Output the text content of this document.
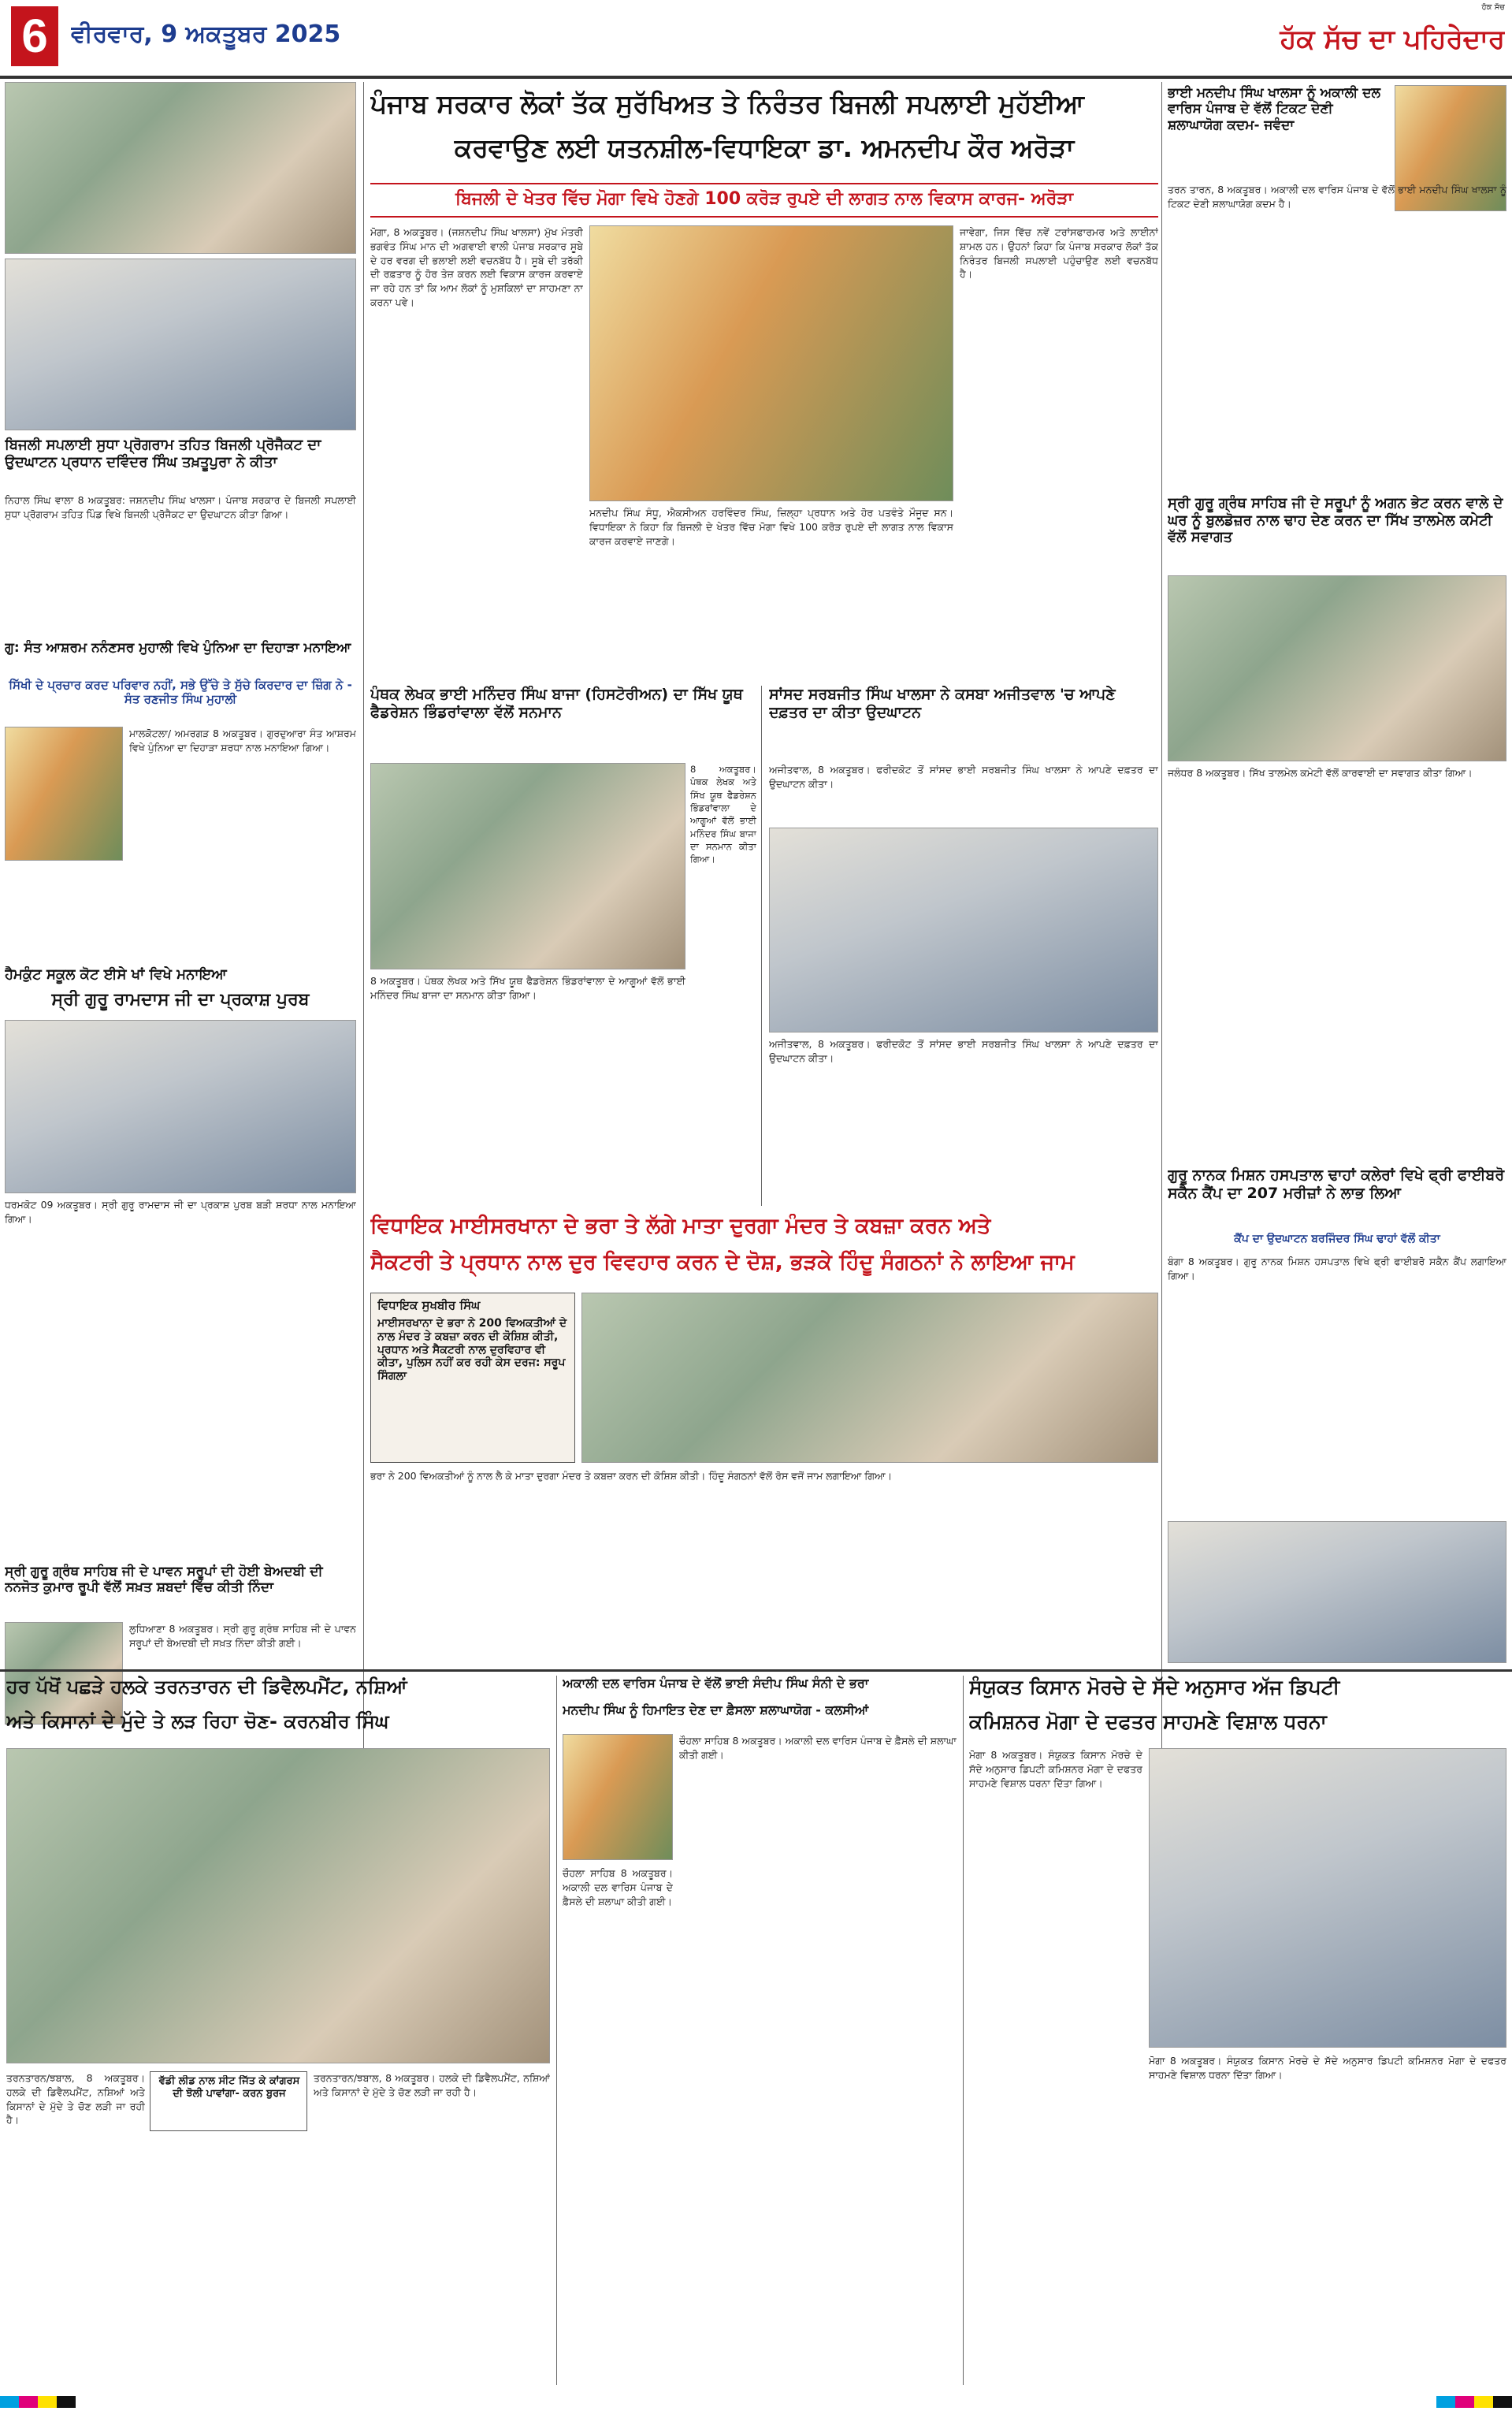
6 ਵੀਰਵਾਰ, 9 ਅਕਤੂਬਰ 2025
ਹੱਕ ਸੱਚ
ਹੱਕ ਸੱਚ ਦਾ ਪਹਿਰੇਦਾਰ
ਬਿਜਲੀ ਸਪਲਾਈ ਸੁਧਾ ਪ੍ਰੋਗਰਾਮ ਤਹਿਤ ਬਿਜਲੀ ਪ੍ਰੋਜੈਕਟ ਦਾ ਉਦਘਾਟਨ ਪ੍ਰਧਾਨ ਦਵਿੰਦਰ ਸਿੰਘ ਤਖ਼ਤੂਪੁਰਾ ਨੇ ਕੀਤਾ
ਨਿਹਾਲ ਸਿੰਘ ਵਾਲਾ 8 ਅਕਤੂਬਰ: ਜਸ਼ਨਦੀਪ ਸਿੰਘ ਖਾਲਸਾ। ਪੰਜਾਬ ਸਰਕਾਰ ਦੇ ਬਿਜਲੀ ਸਪਲਾਈ ਸੁਧਾ ਪ੍ਰੋਗਰਾਮ ਤਹਿਤ ਪਿੰਡ ਵਿਖੇ ਬਿਜਲੀ ਪ੍ਰੋਜੈਕਟ ਦਾ ਉਦਘਾਟਨ ਕੀਤਾ ਗਿਆ।
ਗੁ: ਸੰਤ ਆਸ਼ਰਮ ਨਨੰਣਸਰ ਮੁਹਾਲੀ ਵਿਖੇ ਪੁੰਨਿਆ ਦਾ ਦਿਹਾੜਾ ਮਨਾਇਆ
ਸਿੱਖੀ ਦੇ ਪ੍ਰਚਾਰ ਕਰਦ ਪਰਿਵਾਰ ਨਹੀਂ, ਸਭੇ ਉੱਚੇ ਤੇ ਸੁੱਚੇ ਕਿਰਦਾਰ ਦਾ ਜ਼ਿੰਗ ਨੇ - ਸੰਤ ਰਣਜੀਤ ਸਿੰਘ ਮੁਹਾਲੀ
ਮਾਲਕੋਟਲਾ/ ਅਮਰਗੜ 8 ਅਕਤੂਬਰ। ਗੁਰਦੁਆਰਾ ਸੰਤ ਆਸ਼ਰਮ ਵਿਖੇ ਪੁੰਨਿਆ ਦਾ ਦਿਹਾੜਾ ਸ਼ਰਧਾ ਨਾਲ ਮਨਾਇਆ ਗਿਆ।
ਹੈਮਕੁੰਟ ਸਕੂਲ ਕੋਟ ਈਸੇ ਖਾਂ ਵਿਖੇ ਮਨਾਇਆ
ਸ੍ਰੀ ਗੁਰੂ ਰਾਮਦਾਸ ਜੀ ਦਾ ਪ੍ਰਕਾਸ਼ ਪੁਰਬ
ਧਰਮਕੋਟ 09 ਅਕਤੂਬਰ। ਸ੍ਰੀ ਗੁਰੂ ਰਾਮਦਾਸ ਜੀ ਦਾ ਪ੍ਰਕਾਸ਼ ਪੁਰਬ ਬੜੀ ਸ਼ਰਧਾ ਨਾਲ ਮਨਾਇਆ ਗਿਆ।
ਸ੍ਰੀ ਗੁਰੂ ਗ੍ਰੰਥ ਸਾਹਿਬ ਜੀ ਦੇ ਪਾਵਨ ਸਰੂਪਾਂ ਦੀ ਹੋਈ ਬੇਅਦਬੀ ਦੀ ਨਨਜੋਤ ਕੁਮਾਰ ਰੂਪੀ ਵੱਲੋਂ ਸਖ਼ਤ ਸ਼ਬਦਾਂ ਵਿੱਚ ਕੀਤੀ ਨਿੰਦਾ
ਲੁਧਿਆਣਾ 8 ਅਕਤੂਬਰ। ਸ੍ਰੀ ਗੁਰੂ ਗ੍ਰੰਥ ਸਾਹਿਬ ਜੀ ਦੇ ਪਾਵਨ ਸਰੂਪਾਂ ਦੀ ਬੇਅਦਬੀ ਦੀ ਸਖ਼ਤ ਨਿੰਦਾ ਕੀਤੀ ਗਈ।
ਪੰਜਾਬ ਸਰਕਾਰ ਲੋਕਾਂ ਤੱਕ ਸੁਰੱਖਿਅਤ ਤੇ ਨਿਰੰਤਰ ਬਿਜਲੀ ਸਪਲਾਈ ਮੁਹੱਈਆ
ਕਰਵਾਉਣ ਲਈ ਯਤਨਸ਼ੀਲ-ਵਿਧਾਇਕਾ ਡਾ. ਅਮਨਦੀਪ ਕੌਰ ਅਰੋੜਾ
ਬਿਜਲੀ ਦੇ ਖੇਤਰ ਵਿੱਚ ਮੋਗਾ ਵਿਖੇ ਹੋਣਗੇ 100 ਕਰੋੜ ਰੁਪਏ ਦੀ ਲਾਗਤ ਨਾਲ ਵਿਕਾਸ ਕਾਰਜ- ਅਰੋੜਾ
ਮੋਗਾ, 8 ਅਕਤੂਬਰ। (ਜਸ਼ਨਦੀਪ ਸਿੰਘ ਖਾਲਸਾ) ਮੁੱਖ ਮੰਤਰੀ ਭਗਵੰਤ ਸਿੰਘ ਮਾਨ ਦੀ ਅਗਵਾਈ ਵਾਲੀ ਪੰਜਾਬ ਸਰਕਾਰ ਸੂਬੇ ਦੇ ਹਰ ਵਰਗ ਦੀ ਭਲਾਈ ਲਈ ਵਚਨਬੱਧ ਹੈ। ਸੂਬੇ ਦੀ ਤਰੱਕੀ ਦੀ ਰਫ਼ਤਾਰ ਨੂੰ ਹੋਰ ਤੇਜ਼ ਕਰਨ ਲਈ ਵਿਕਾਸ ਕਾਰਜ ਕਰਵਾਏ ਜਾ ਰਹੇ ਹਨ ਤਾਂ ਕਿ ਆਮ ਲੋਕਾਂ ਨੂੰ ਮੁਸ਼ਕਿਲਾਂ ਦਾ ਸਾਹਮਣਾ ਨਾ ਕਰਨਾ ਪਵੇ।
ਮਨਦੀਪ ਸਿੰਘ ਸੰਧੂ, ਐਕਸੀਅਨ ਹਰਵਿੰਦਰ ਸਿੰਘ, ਜ਼ਿਲ੍ਹਾ ਪ੍ਰਧਾਨ ਅਤੇ ਹੋਰ ਪਤਵੰਤੇ ਮੌਜੂਦ ਸਨ। ਵਿਧਾਇਕਾ ਨੇ ਕਿਹਾ ਕਿ ਬਿਜਲੀ ਦੇ ਖੇਤਰ ਵਿੱਚ ਮੋਗਾ ਵਿਖੇ 100 ਕਰੋੜ ਰੁਪਏ ਦੀ ਲਾਗਤ ਨਾਲ ਵਿਕਾਸ ਕਾਰਜ ਕਰਵਾਏ ਜਾਣਗੇ।
ਜਾਵੇਗਾ, ਜਿਸ ਵਿੱਚ ਨਵੇਂ ਟਰਾਂਸਫਾਰਮਰ ਅਤੇ ਲਾਈਨਾਂ ਸ਼ਾਮਲ ਹਨ। ਉਹਨਾਂ ਕਿਹਾ ਕਿ ਪੰਜਾਬ ਸਰਕਾਰ ਲੋਕਾਂ ਤੱਕ ਨਿਰੰਤਰ ਬਿਜਲੀ ਸਪਲਾਈ ਪਹੁੰਚਾਉਣ ਲਈ ਵਚਨਬੱਧ ਹੈ।
ਪੰਥਕ ਲੇਖਕ ਭਾਈ ਮਨਿੰਦਰ ਸਿੰਘ ਬਾਜਾ (ਹਿਸਟੋਰੀਅਨ) ਦਾ ਸਿੱਖ ਯੂਥ ਫੈਡਰੇਸ਼ਨ ਭਿੰਡਰਾਂਵਾਲਾ ਵੱਲੋਂ ਸਨਮਾਨ
8 ਅਕਤੂਬਰ। ਪੰਥਕ ਲੇਖਕ ਅਤੇ ਸਿੱਖ ਯੂਥ ਫੈਡਰੇਸ਼ਨ ਭਿੰਡਰਾਂਵਾਲਾ ਦੇ ਆਗੂਆਂ ਵੱਲੋਂ ਭਾਈ ਮਨਿੰਦਰ ਸਿੰਘ ਬਾਜਾ ਦਾ ਸਨਮਾਨ ਕੀਤਾ ਗਿਆ।
8 ਅਕਤੂਬਰ। ਪੰਥਕ ਲੇਖਕ ਅਤੇ ਸਿੱਖ ਯੂਥ ਫੈਡਰੇਸ਼ਨ ਭਿੰਡਰਾਂਵਾਲਾ ਦੇ ਆਗੂਆਂ ਵੱਲੋਂ ਭਾਈ ਮਨਿੰਦਰ ਸਿੰਘ ਬਾਜਾ ਦਾ ਸਨਮਾਨ ਕੀਤਾ ਗਿਆ।
ਸਾਂਸਦ ਸਰਬਜੀਤ ਸਿੰਘ ਖਾਲਸਾ ਨੇ ਕਸਬਾ ਅਜੀਤਵਾਲ 'ਚ ਆਪਣੇ ਦਫ਼ਤਰ ਦਾ ਕੀਤਾ ਉਦਘਾਟਨ
ਅਜੀਤਵਾਲ, 8 ਅਕਤੂਬਰ। ਫਰੀਦਕੋਟ ਤੋਂ ਸਾਂਸਦ ਭਾਈ ਸਰਬਜੀਤ ਸਿੰਘ ਖਾਲਸਾ ਨੇ ਆਪਣੇ ਦਫ਼ਤਰ ਦਾ ਉਦਘਾਟਨ ਕੀਤਾ।
ਅਜੀਤਵਾਲ, 8 ਅਕਤੂਬਰ। ਫਰੀਦਕੋਟ ਤੋਂ ਸਾਂਸਦ ਭਾਈ ਸਰਬਜੀਤ ਸਿੰਘ ਖਾਲਸਾ ਨੇ ਆਪਣੇ ਦਫ਼ਤਰ ਦਾ ਉਦਘਾਟਨ ਕੀਤਾ।
ਵਿਧਾਇਕ ਮਾਈਸਰਖਾਨਾ ਦੇ ਭਰਾ ਤੇ ਲੱਗੇ ਮਾਤਾ ਦੁਰਗਾ ਮੰਦਰ ਤੇ ਕਬਜ਼ਾ ਕਰਨ ਅਤੇ
ਸੈਕਟਰੀ ਤੇ ਪ੍ਰਧਾਨ ਨਾਲ ਦੁਰ ਵਿਵਹਾਰ ਕਰਨ ਦੇ ਦੋਸ਼, ਭੜਕੇ ਹਿੰਦੂ ਸੰਗਠਨਾਂ ਨੇ ਲਾਇਆ ਜਾਮ
ਵਿਧਾਇਕ ਸੁਖਬੀਰ ਸਿੰਘ
ਮਾਈਸਰਖਾਨਾ ਦੇ ਭਰਾ ਨੇ 200 ਵਿਅਕਤੀਆਂ ਦੇ ਨਾਲ ਮੰਦਰ ਤੇ ਕਬਜ਼ਾ ਕਰਨ ਦੀ ਕੋਸ਼ਿਸ਼ ਕੀਤੀ, ਪ੍ਰਧਾਨ ਅਤੇ ਸੈਕਟਰੀ ਨਾਲ ਦੁਰਵਿਹਾਰ ਵੀ ਕੀਤਾ, ਪੁਲਿਸ ਨਹੀਂ ਕਰ ਰਹੀ ਕੇਸ ਦਰਜ: ਸਰੂਪ ਸਿੰਗਲਾ
ਭਰਾ ਨੇ 200 ਵਿਅਕਤੀਆਂ ਨੂੰ ਨਾਲ ਲੈ ਕੇ ਮਾਤਾ ਦੁਰਗਾ ਮੰਦਰ ਤੇ ਕਬਜ਼ਾ ਕਰਨ ਦੀ ਕੋਸ਼ਿਸ਼ ਕੀਤੀ। ਹਿੰਦੂ ਸੰਗਠਨਾਂ ਵੱਲੋਂ ਰੋਸ ਵਜੋਂ ਜਾਮ ਲਗਾਇਆ ਗਿਆ।
ਭਾਈ ਮਨਦੀਪ ਸਿੰਘ ਖਾਲਸਾ ਨੂੰ ਅਕਾਲੀ ਦਲ ਵਾਰਿਸ ਪੰਜਾਬ ਦੇ ਵੱਲੋਂ ਟਿਕਟ ਦੇਣੀ ਸ਼ਲਾਘਾਯੋਗ ਕਦਮ- ਜਵੰਦਾ
ਤਰਨ ਤਾਰਨ, 8 ਅਕਤੂਬਰ। ਅਕਾਲੀ ਦਲ ਵਾਰਿਸ ਪੰਜਾਬ ਦੇ ਵੱਲੋਂ ਭਾਈ ਮਨਦੀਪ ਸਿੰਘ ਖਾਲਸਾ ਨੂੰ ਟਿਕਟ ਦੇਣੀ ਸ਼ਲਾਘਾਯੋਗ ਕਦਮ ਹੈ।
ਸ੍ਰੀ ਗੁਰੂ ਗ੍ਰੰਥ ਸਾਹਿਬ ਜੀ ਦੇ ਸਰੂਪਾਂ ਨੂੰ ਅਗਨ ਭੇਟ ਕਰਨ ਵਾਲੇ ਦੇ ਘਰ ਨੂੰ ਬੁਲਡੋਜ਼ਰ ਨਾਲ ਢਾਹ ਦੇਣ ਕਰਨ ਦਾ ਸਿੱਖ ਤਾਲਮੇਲ ਕਮੇਟੀ ਵੱਲੋਂ ਸਵਾਗਤ
ਜਲੰਧਰ 8 ਅਕਤੂਬਰ। ਸਿੱਖ ਤਾਲਮੇਲ ਕਮੇਟੀ ਵੱਲੋਂ ਕਾਰਵਾਈ ਦਾ ਸਵਾਗਤ ਕੀਤਾ ਗਿਆ।
ਗੁਰੂ ਨਾਨਕ ਮਿਸ਼ਨ ਹਸਪਤਾਲ ਢਾਹਾਂ ਕਲੇਰਾਂ ਵਿਖੇ ਫ੍ਰੀ ਫਾਈਬਰੋ ਸਕੈਨ ਕੈਂਪ ਦਾ 207 ਮਰੀਜ਼ਾਂ ਨੇ ਲਾਭ ਲਿਆ
ਕੈਂਪ ਦਾ ਉਦਘਾਟਨ ਬਰਜਿੰਦਰ ਸਿੰਘ ਢਾਹਾਂ ਵੱਲੋਂ ਕੀਤਾ
ਬੰਗਾ 8 ਅਕਤੂਬਰ। ਗੁਰੂ ਨਾਨਕ ਮਿਸ਼ਨ ਹਸਪਤਾਲ ਵਿਖੇ ਫ੍ਰੀ ਫਾਈਬਰੋ ਸਕੈਨ ਕੈਂਪ ਲਗਾਇਆ ਗਿਆ।
ਹਰ ਪੱਖੋਂ ਪਛੜੇ ਹਲਕੇ ਤਰਨਤਾਰਨ ਦੀ ਡਿਵੈਲਪਮੈਂਟ, ਨਸ਼ਿਆਂ
ਅਤੇ ਕਿਸਾਨਾਂ ਦੇ ਮੁੱਦੇ ਤੇ ਲੜ ਰਿਹਾ ਚੋਣ- ਕਰਨਬੀਰ ਸਿੰਘ
ਵੱਡੀ ਲੀਡ ਨਾਲ ਸੀਟ ਜਿੱਤ ਕੇ ਕਾਂਗਰਸ ਦੀ ਝੋਲੀ ਪਾਵਾਂਗਾ- ਕਰਨ ਬੁਰਜ
ਤਰਨਤਾਰਨ/ਝਬਾਲ, 8 ਅਕਤੂਬਰ। ਹਲਕੇ ਦੀ ਡਿਵੈਲਪਮੈਂਟ, ਨਸ਼ਿਆਂ ਅਤੇ ਕਿਸਾਨਾਂ ਦੇ ਮੁੱਦੇ ਤੇ ਚੋਣ ਲੜੀ ਜਾ ਰਹੀ ਹੈ।
ਤਰਨਤਾਰਨ/ਝਬਾਲ, 8 ਅਕਤੂਬਰ। ਹਲਕੇ ਦੀ ਡਿਵੈਲਪਮੈਂਟ, ਨਸ਼ਿਆਂ ਅਤੇ ਕਿਸਾਨਾਂ ਦੇ ਮੁੱਦੇ ਤੇ ਚੋਣ ਲੜੀ ਜਾ ਰਹੀ ਹੈ।
ਅਕਾਲੀ ਦਲ ਵਾਰਿਸ ਪੰਜਾਬ ਦੇ ਵੱਲੋਂ ਭਾਈ ਸੰਦੀਪ ਸਿੰਘ ਸੰਨੀ ਦੇ ਭਰਾ
ਮਨਦੀਪ ਸਿੰਘ ਨੂੰ ਹਿਮਾਇਤ ਦੇਣ ਦਾ ਫ਼ੈਸਲਾ ਸ਼ਲਾਘਾਯੋਗ - ਕਲਸੀਆਂ
ਚੌਹਲਾ ਸਾਹਿਬ 8 ਅਕਤੂਬਰ। ਅਕਾਲੀ ਦਲ ਵਾਰਿਸ ਪੰਜਾਬ ਦੇ ਫ਼ੈਸਲੇ ਦੀ ਸ਼ਲਾਘਾ ਕੀਤੀ ਗਈ।
ਚੌਹਲਾ ਸਾਹਿਬ 8 ਅਕਤੂਬਰ। ਅਕਾਲੀ ਦਲ ਵਾਰਿਸ ਪੰਜਾਬ ਦੇ ਫ਼ੈਸਲੇ ਦੀ ਸ਼ਲਾਘਾ ਕੀਤੀ ਗਈ।
ਸੰਯੁਕਤ ਕਿਸਾਨ ਮੋਰਚੇ ਦੇ ਸੱਦੇ ਅਨੁਸਾਰ ਅੱਜ ਡਿਪਟੀ
ਕਮਿਸ਼ਨਰ ਮੋਗਾ ਦੇ ਦਫਤਰ ਸਾਹਮਣੇ ਵਿਸ਼ਾਲ ਧਰਨਾ
ਮੋਗਾ 8 ਅਕਤੂਬਰ। ਸੰਯੁਕਤ ਕਿਸਾਨ ਮੋਰਚੇ ਦੇ ਸੱਦੇ ਅਨੁਸਾਰ ਡਿਪਟੀ ਕਮਿਸ਼ਨਰ ਮੋਗਾ ਦੇ ਦਫਤਰ ਸਾਹਮਣੇ ਵਿਸ਼ਾਲ ਧਰਨਾ ਦਿੱਤਾ ਗਿਆ।
ਮੋਗਾ 8 ਅਕਤੂਬਰ। ਸੰਯੁਕਤ ਕਿਸਾਨ ਮੋਰਚੇ ਦੇ ਸੱਦੇ ਅਨੁਸਾਰ ਡਿਪਟੀ ਕਮਿਸ਼ਨਰ ਮੋਗਾ ਦੇ ਦਫਤਰ ਸਾਹਮਣੇ ਵਿਸ਼ਾਲ ਧਰਨਾ ਦਿੱਤਾ ਗਿਆ।
